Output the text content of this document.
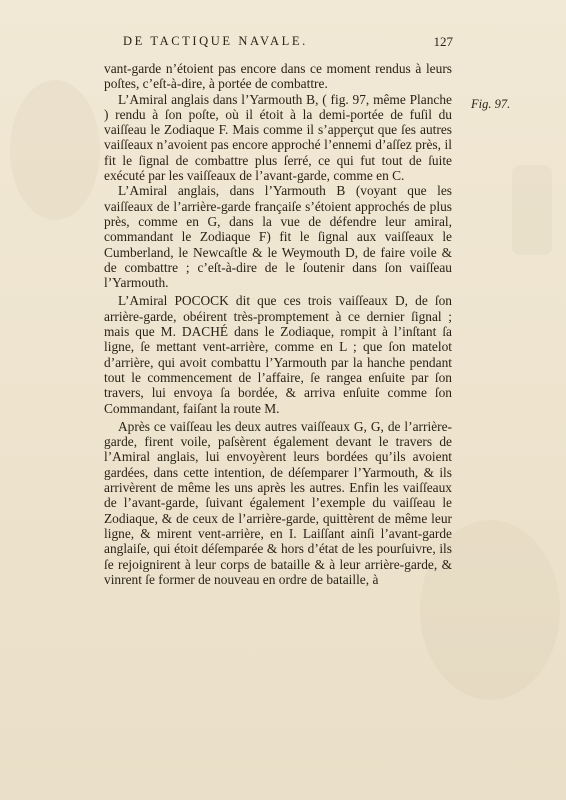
DE TACTIQUE NAVALE.	127
Fig. 97.

vant-garde n’étoient pas encore dans ce moment rendus à leurs poſtes, c’eſt-à-dire, à portée de combattre.

L’Amiral anglais dans l’Yarmouth B, ( fig. 97, même Planche ) rendu à ſon poſte, où il étoit à la demi-portée de fuſil du vaiſſeau le Zodiaque F. Mais comme il s’apperçut que ſes autres vaiſſeaux n’avoient pas encore approché l’ennemi d’aſſez près, il fit le ſignal de combattre plus ſerré, ce qui fut tout de ſuite exécuté par les vaiſſeaux de l’avant-garde, comme en C.

L’Amiral anglais, dans l’Yarmouth B (voyant que les vaiſſeaux de l’arrière-garde françaiſe s’étoient approchés de plus près, comme en G, dans la vue de défendre leur amiral, commandant le Zodiaque F) fit le ſignal aux vaiſſeaux le Cumberland, le Newcaſtle & le Weymouth D, de faire voile & de combattre ; c’eſt-à-dire de le ſoutenir dans ſon vaiſſeau l’Yarmouth.

L’Amiral POCOCK dit que ces trois vaiſſeaux D, de ſon arrière-garde, obéirent très-promptement à ce dernier ſignal ; mais que M. DACHÉ dans le Zodiaque, rompit à l’inſtant ſa ligne, ſe mettant vent-arrière, comme en L ; que ſon matelot d’arrière, qui avoit combattu l’Yarmouth par la hanche pendant tout le commencement de l’affaire, ſe rangea enſuite par ſon travers, lui envoya ſa bordée, & arriva enſuite comme ſon Commandant, faiſant la route M.

Après ce vaiſſeau les deux autres vaiſſeaux G, G, de l’arrière-garde, firent voile, paſsèrent également devant le travers de l’Amiral anglais, lui envoyèrent leurs bordées qu’ils avoient gardées, dans cette intention, de déſemparer l’Yarmouth, & ils arrivèrent de même les uns après les autres. Enfin les vaiſſeaux de l’avant-garde, ſuivant également l’exemple du vaiſſeau le Zodiaque, & de ceux de l’arrière-garde, quittèrent de même leur ligne, & mirent vent-arrière, en I. Laiſſant ainſi l’avant-garde anglaiſe, qui étoit déſemparée & hors d’état de les pourſuivre, ils ſe rejoignirent à leur corps de bataille & à leur arrière-garde, & vinrent ſe former de nouveau en ordre de bataille, à
